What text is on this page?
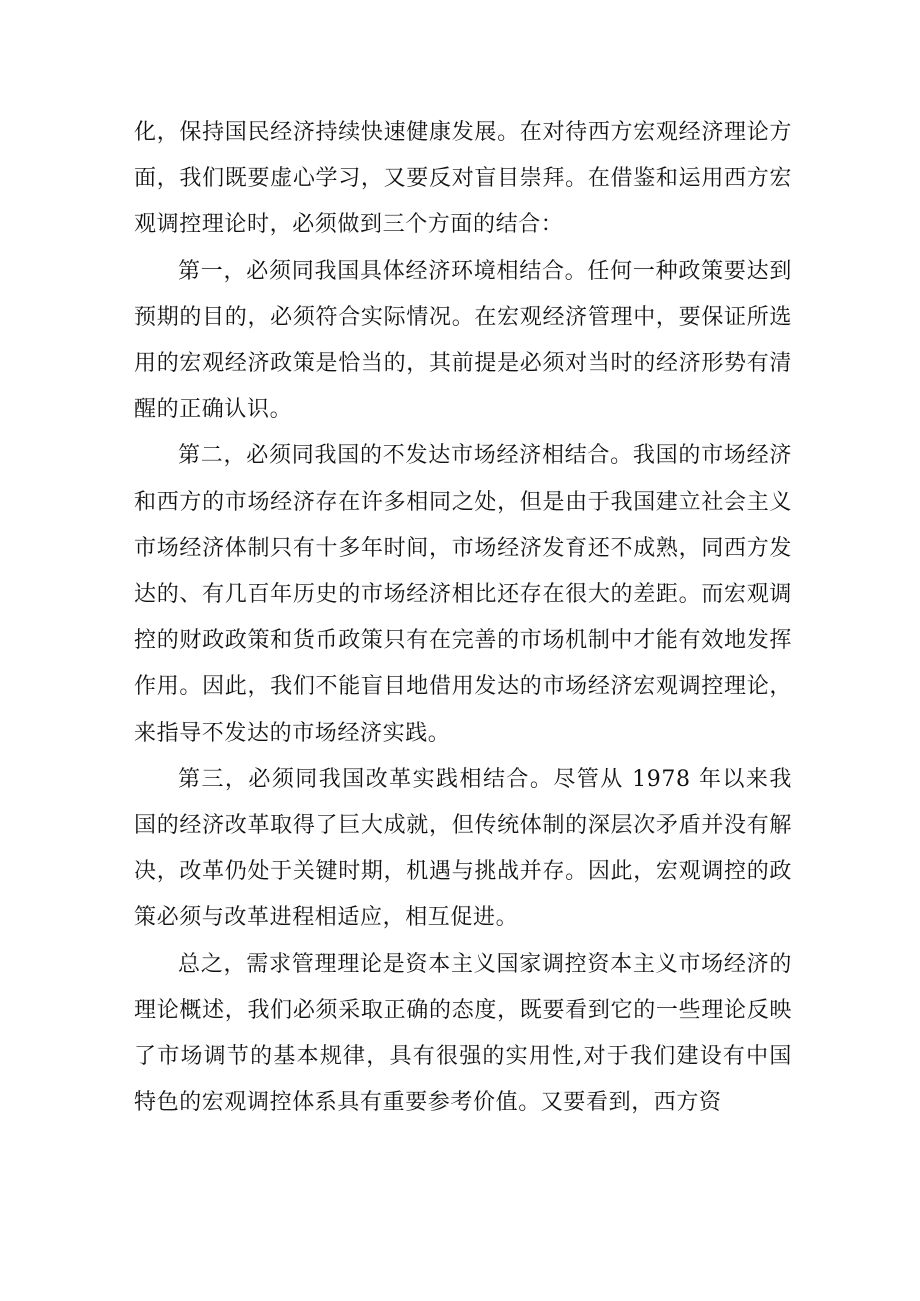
化，保持国民经济持续快速健康发展。在对待西方宏观经济理论方面，我们既要虚心学习，又要反对盲目崇拜。在借鉴和运用西方宏观调控理论时，必须做到三个方面的结合：

第一，必须同我国具体经济环境相结合。任何一种政策要达到预期的目的，必须符合实际情况。在宏观经济管理中，要保证所选用的宏观经济政策是恰当的，其前提是必须对当时的经济形势有清醒的正确认识。

第二，必须同我国的不发达市场经济相结合。我国的市场经济和西方的市场经济存在许多相同之处，但是由于我国建立社会主义市场经济体制只有十多年时间，市场经济发育还不成熟，同西方发达的、有几百年历史的市场经济相比还存在很大的差距。而宏观调控的财政政策和货币政策只有在完善的市场机制中才能有效地发挥作用。因此，我们不能盲目地借用发达的市场经济宏观调控理论，来指导不发达的市场经济实践。

第三，必须同我国改革实践相结合。尽管从 1978 年以来我国的经济改革取得了巨大成就，但传统体制的深层次矛盾并没有解决，改革仍处于关键时期，机遇与挑战并存。因此，宏观调控的政策必须与改革进程相适应，相互促进。

总之，需求管理理论是资本主义国家调控资本主义市场经济的理论概述，我们必须采取正确的态度，既要看到它的一些理论反映了市场调节的基本规律，具有很强的实用性,对于我们建设有中国特色的宏观调控体系具有重要参考价值。又要看到，西方资
